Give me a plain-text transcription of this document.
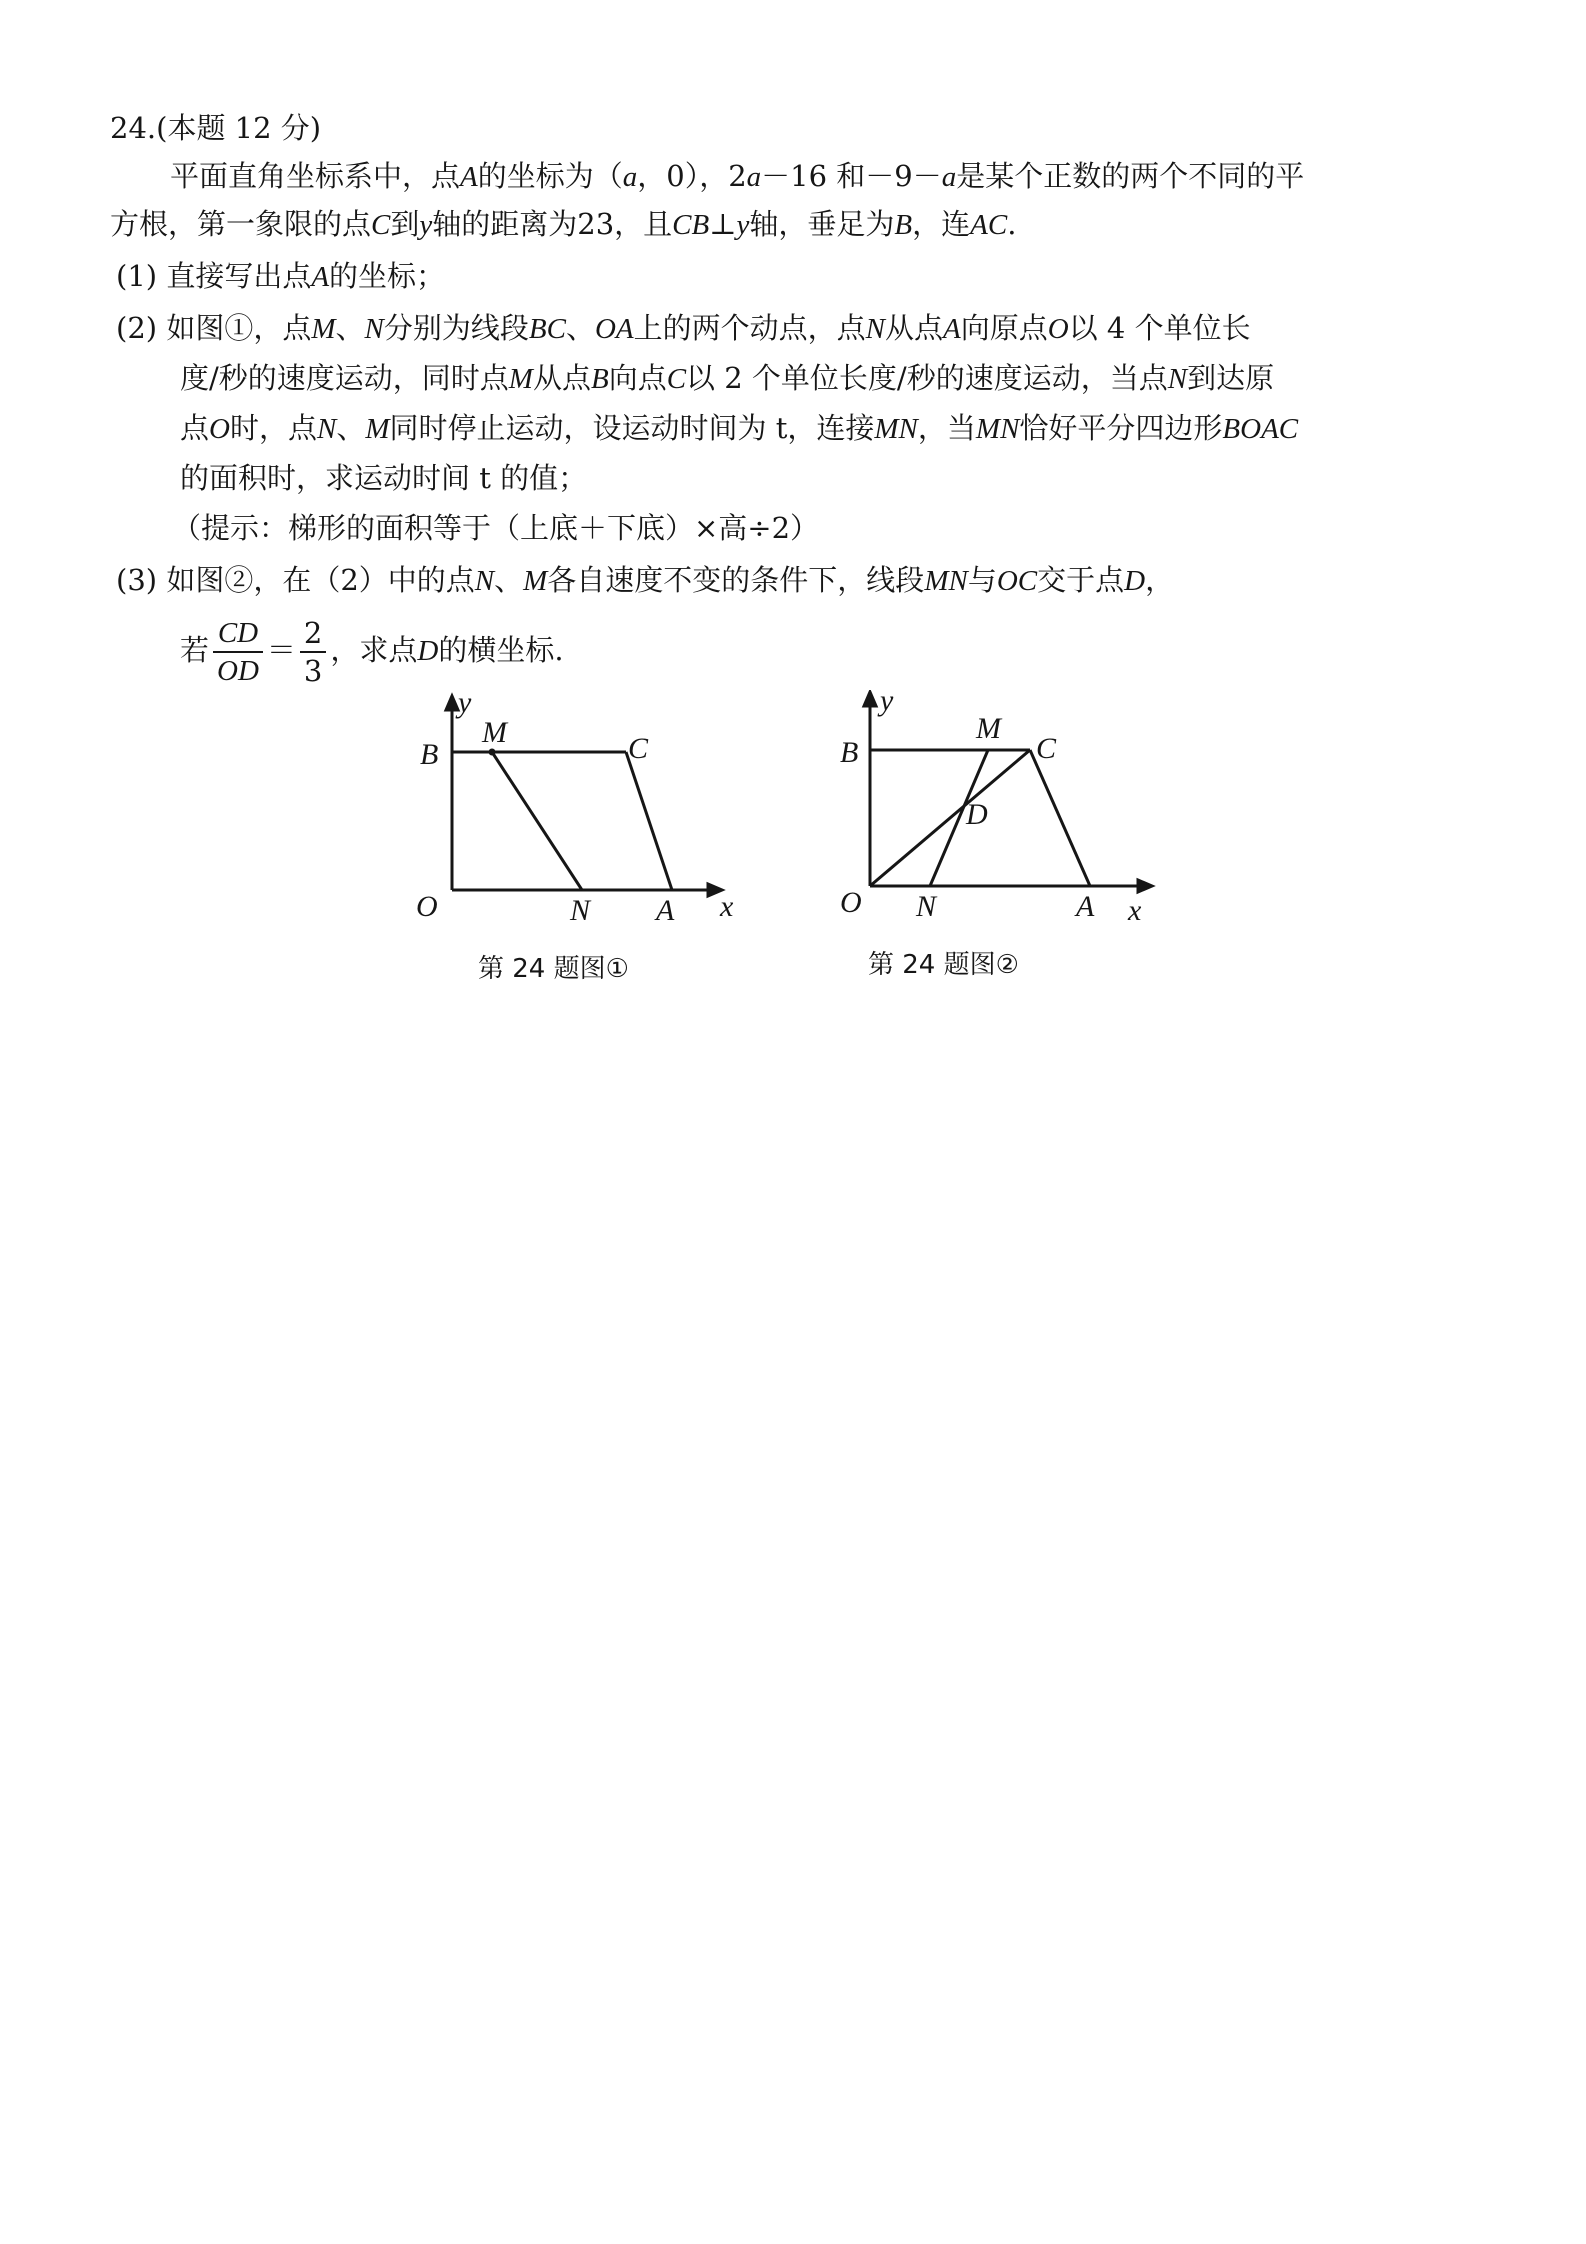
24.(本题 12 分)
平面直角坐标系中，点A的坐标为（a，0），2a－16 和－9－a是某个正数的两个不同的平
方根，第一象限的点C到y轴的距离为23，且CB⊥y轴，垂足为B，连AC.
(1) 直接写出点A的坐标；
(2) 如图①，点M、N分别为线段BC、OA上的两个动点，点N从点A向原点O以 4 个单位长
度/秒的速度运动，同时点M从点B向点C以 2 个单位长度/秒的速度运动，当点N到达原
点O时，点N、M同时停止运动，设运动时间为 t，连接MN，当MN恰好平分四边形BOAC
的面积时，求运动时间 t 的值；
（提示：梯形的面积等于（上底＋下底）×高÷2）
(3) 如图②，在（2）中的点N、M各自速度不变的条件下，线段MN与OC交于点D，
若 $\frac{CD}{OD} = \frac{2}{3}$ ，求点D的横坐标.
y
x
B
M	C
O	N A
第 24 题图①
y
x
B
M
C
D
O N	A
第 24 题图②
